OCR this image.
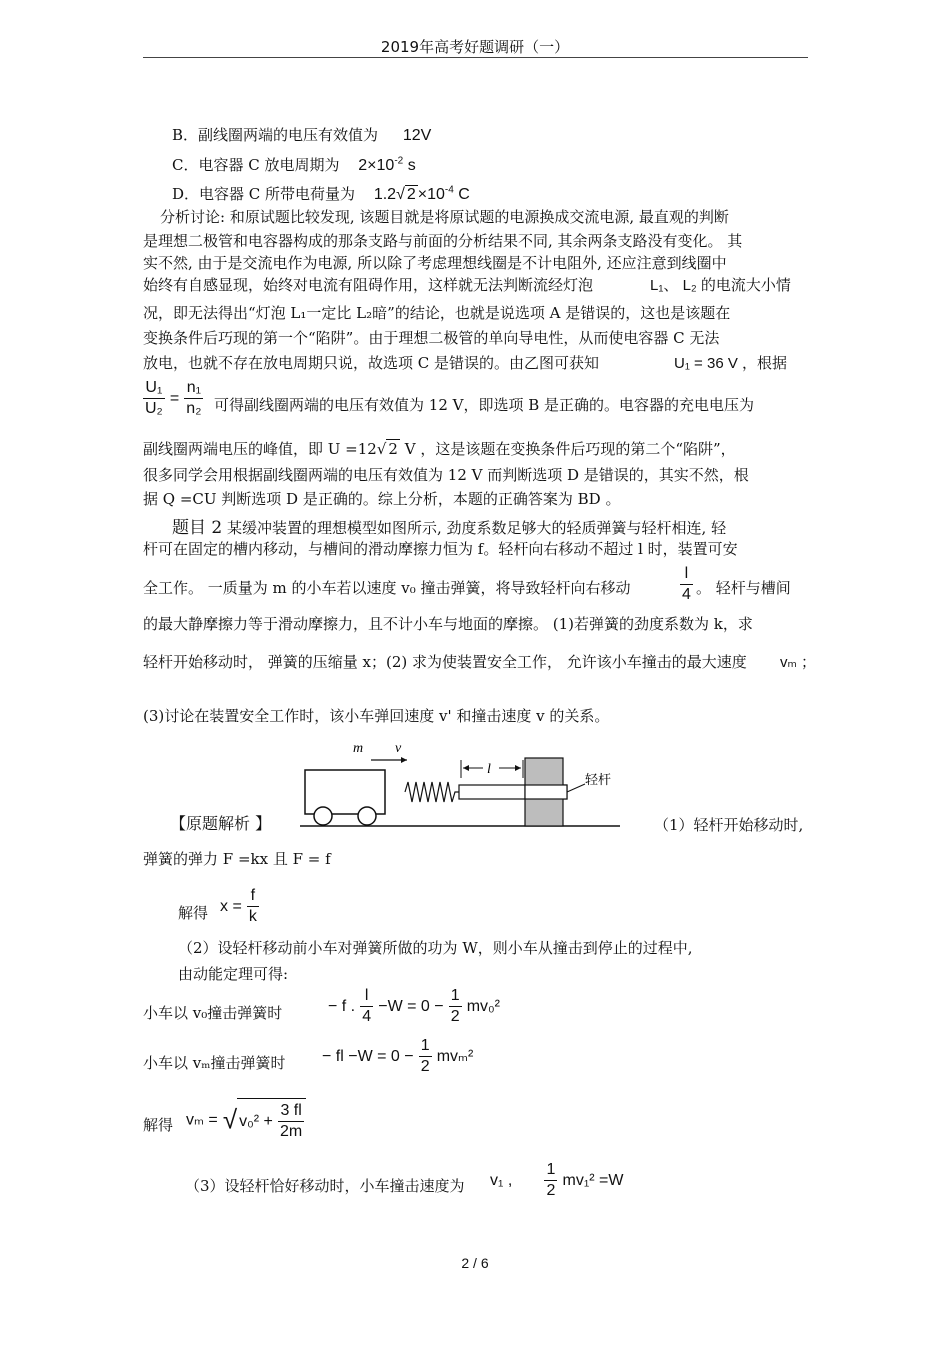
2019年高考好题调研（一）
B．副线圈两端的电压有效值为 12V
C．电容器 C 放电周期为 $2\times 10^{-2}$ s
D．电容器 C 所带电荷量为 1.2√ $2 \times 10^{-4}$ C
分析讨论: 和原试题比较发现, 该题目就是将原试题的电源换成交流电源, 最直观的判断
是理想二极管和电容器构成的那条支路与前面的分析结果不同, 其余两条支路没有变化。 其
实不然, 由于是交流电作为电源, 所以除了考虑理想线圈是不计电阻外, 还应注意到线圈中
始终有自感显现，始终对电流有阻碍作用，这样就无法判断流经灯泡	L₁、 L₂ 的电流大小情
况，即无法得出“灯泡 L₁一定比 L₂暗”的结论，也就是说选项 A 是错误的，这也是该题在
变换条件后巧现的第一个“陷阱”。由于理想二极管的单向导电性，从而使电容器 C 无法
放电，也就不存在放电周期只说，故选项 C 是错误的。由乙图可获知	U₁ = 36 V ，根据
$\frac{\text{U₁}}{\text{U₂}} = \frac{\text{n₁}}{\text{n₂}}$ 可得副线圈两端的电压有效值为 12 V，即选项 B 是正确的。电容器的充电电压为
副线圈两端电压的峰值，即 U =12√ 2 V ，这是该题在变换条件后巧现的第二个“陷阱”，
很多同学会用根据副线圈两端的电压有效值为 12 V 而判断选项 D 是错误的，其实不然，根
据 Q =CU 判断选项 D 是正确的。综上分析，本题的正确答案为 BD 。
题目 2 某缓冲装置的理想模型如图所示, 劲度系数足够大的轻质弹簧与轻杆相连, 轻
杆可在固定的槽内移动，与槽间的滑动摩擦力恒为 f。轻杆向右移动不超过 l 时，装置可安
全工作。 一质量为 m 的小车若以速度 v₀ 撞击弹簧，将导致轻杆向右移动	$\frac{l}{4}$ 。 轻杆与槽间
的最大静摩擦力等于滑动摩擦力，且不计小车与地面的摩擦。 (1)若弹簧的劲度系数为 k，求
轻杆开始移动时， 弹簧的压缩量 x；(2) 求为使装置安全工作， 允许该小车撞击的最大速度 vₘ ；
(3)讨论在装置安全工作时，该小车弹回速度 v' 和撞击速度 v 的关系。
m v
l
轻杆
【原题解析 】	（1）轻杆开始移动时,
弹簧的弹力 F =kx 且 F = f
解得 $x = \frac{f}{k}$
（2）设轻杆移动前小车对弹簧所做的功为 W，则小车从撞击到停止的过程中,
由动能定理可得:
小车以 v₀撞击弹簧时	− f . $\frac{l}{4} -W = 0 - \frac{1}{2} mv_0^2$
小车以 vₘ撞击弹簧时 − fl $-W = 0 - \frac{1}{2} mv_m^2$
解得 vₘ = √ $v_0^2 + \frac{3 fl}{2m}$
（3）设轻杆恰好移动时，小车撞击速度为 v₁ , $\frac{1}{2} mv_1^2 =W$
2 / 6
